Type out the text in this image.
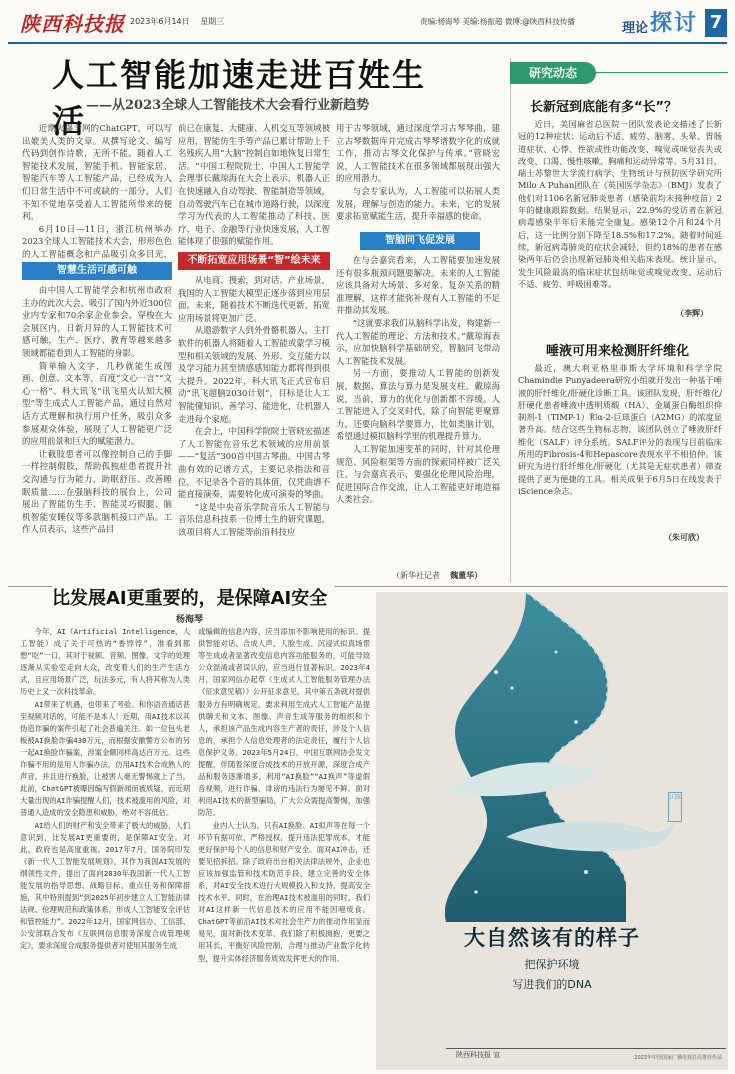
陕西科技报 2023年6月14日 星期三	责编:杨海琴 美编:杨振超 微博:@陕西科技传播	理论 探讨 7
人工智能加速走进百姓生活 ——从2023全球人工智能技术大会看行业新趋势

近期火爆全网的ChatGPT，可以写出媲美人类的文章。从撰写论文、编写代码到创作诗歌，无所不能。随着人工智能技术发展，智能手机、智能家居、智能汽车等人工智能产品，已经成为人们日常生活中不可或缺的一部分，人们不知不觉地享受着人工智能所带来的便利。

6月10日—11日，浙江杭州举办2023全球人工智能技术大会，形形色色的人工智能概念和产品吸引众多目光，

智慧生活可感可触

由中国人工智能学会和杭州市政府主办的此次大会，吸引了国内外近300位业内专家和70余家企业参会。穿梭在大会展区内，日新月异的人工智能技术可感可触，生产、医疗、教育等越来越多领域都能看到人工智能的身影。

简单输入文字，几秒就能生成图画、创意、文本等，百度“文心一言”“文心一格”、科大讯飞“讯飞星火认知大模型”等生成式人工智能产品，通过自然对话方式理解和执行用户任务，吸引众多参展观众体验，展现了人工智能更广泛的应用前景和巨大的赋能潜力。

让截肢患者可以像控制自己的手脚一样控制假肢，帮助孤独症患者提升社交沟通与行为能力，助眠舒压、改善睡眠质量……在强脑科技的展台上，公司展出了智能仿生手、智能灵巧假腿、脑机智能安睡仪等多款脑机接口产品。工作人员表示，这些产品目

前已在康复、大健康、人机交互等领域被应用，智能仿生手等产品已累计帮助上千名残疾人用“大脑”控制自如地恢复日常生活。“中国工程院院士、中国人工智能学会理事长戴琼海在大会上表示，机器人正在快速融入自动驾驶、智能制造等领域，自动驾驶汽车已在城市道路行驶，以深度学习为代表的人工智能推动了科技、医疗、电子、金融等行业快速发展，人工智能体现了很强的赋能作用。

不断拓宽应用场景“智”绘未来

从电商、搜索，到对话、产业场景，我国的人工智能大模型正逐步落到应用层面。未来，随着技术不断迭代更新，拓宽应用场景将更加广泛。

从遨游数字人到外骨骼机器人，主打软件的机器人将随着人工智能或蒙学习模型和相关领域的发展、外形、交互能力以及学习能力甚至情感感知能力都将得到很大提升。2022年，科大讯飞正式宣布启动“讯飞超脑2030计划”，目标是让人工智能懂知识、善学习、能进化，让机器人走进每个家庭。

在会上，中国科学院院士管晓宏描述了人工智能在音乐艺术领域的应用前景——“复活”300首中国古琴曲。中国古琴曲有效的记谱方式，主要记录指法和音位，不记录各个音的具体值，仅凭曲谱不能直接演奏，需要转化成可演奏的琴曲。

“这是中央音乐学院音乐人工智能与音乐信息科技系一位博士生的研究课题，该项目将人工智能等前沿科技应

用于古琴领域，通过深度学习古琴琴曲，建立古琴数据库并完成古琴琴谱数字化的成就工作，推动古琴文化保护与传承。”管晓宏说，人工智能技术在很多领域都展现出强大的应用潜力。

与会专家认为，人工智能可以拓展人类发展，理解与创造的能力。未来，它的发展要求拓宽赋能生活，提升幸福感的使命。

智脑同飞促发展

在与会嘉宾看来，人工智能要加速发展还有很多瓶颈问题要解决。未来的人工智能应该具备对大场景、多对象、复杂关系的精准理解，这样才能弥补现有人工智能的不足并推动其发展。

“这就要求我们从脑科学出发，构建新一代人工智能的理论、方法和技术。”戴琼海表示，应加快脑科学基础研究，智脑同飞带动人工智能技术发展。

另一方面，要推动人工智能的创新发展，数据、算法与算力是发展支柱。戴琼海说，当前，算力的优化与创新都不容缓。人工智能进入了交叉时代，除了向智能更聚算力，还要向脑科学要算力，比如类脑计划，希望通过模拟脑科学里的机理提升算力。

人工智能加速变革的同时，针对其伦理规范、风险框架等方面的探索同样被广泛关注。与会嘉宾表示，要强化伦理风险治理，促进国际合作交流，让人工智能更好地造福人类社会。

（新华社记者 魏董华）
研究动态
长新冠到底能有多“长”？

近日，美国麻省总医院一团队发表论文描述了长新冠的12种症状：运动后不适、疲劳、脑雾、头晕、胃肠道症状、心悸、性欲或性功能改变、嗅觉或味觉丧失或改变、口渴、慢性咳嗽、胸痛和运动异常等。5月31日，瑞士苏黎世大学流行病学、生物统计与预防医学研究所Milo A Puhan团队在《英国医学杂志》（BMJ）发表了他们对1106名新冠肺炎患者（感染前均未接种疫苗）2年的健康跟踪数据。结果显示，22.9%的受访者在新冠病毒感染半年后未能完全康复。感染12个月和24个月后，这一比例分别下降至18.5%和17.2%。随着时间延续，新冠病毒肺炎的症状会减轻，但约18%的患者在感染两年后仍会出现新冠肺炎相关临床表现。统计显示，发生风险最高的临床症状包括味觉或嗅觉改变、运动后不适、疲劳、呼吸困难等。

（李辉）
唾液可用来检测肝纤维化

最近，澳大利亚格里菲斯大学环境和科学学院Chamindie Punyadeera研究小组就开发出一种基于唾液的肝纤维化/肝硬化诊断工具。该团队发现，肝纤维化/肝硬化患者唾液中透明质酸（HA）、金属蛋白酶组织抑制剂-1（TIMP-1）和α-2-巨球蛋白（A2MG）的浓度显著升高。结合这些生物标志物，该团队创立了唾液肝纤维化（SALF）评分系统。SALF评分的表现与目前临床所用的Fibrosis-4和Hepascore表现水平不相伯仲。该研究为进行肝纤维化/肝硬化（尤其是无症状患者）筛查提供了更为便捷的工具。相关成果于6月5日在线发表于iScience杂志。

（朱可欣）
比发展AI更重要的，是保障AI安全
杨海琴

今年，AI（Artificial Intelligence，人工智能）成了关于可热的“香饽饽”，准看到都想“吃”一口，其对于视频、音频、图像、文字的处理逐渐从实验室走向大众，改变着人们的生产生活方式，且应用场景广泛，玩法多元，有人将其称为人类历史上又一次科技革命。

AI带来了机遇，也带来了考验。和你语音通话甚至视频对话的，可能不是本人！近期，用AI技术以其伪造诈骗的案件引起了社会普遍关注。如一位包头老板被AI换脸诈骗430万元，而根据安徽警方公布的另一起AI换脸诈骗案，涉案金额同样高达百万元。这些诈骗不用的是用人诈骗办法，仿用AI技术合成熟人的声音，并且进行换脸，让被害人毫无警惕就上了当。此前，ChatGPT被曝因编写假新闻而被质疑，而近期大量出现的AI诈骗提醒人们，技术被滥用的风险，对普通人造成的安全隐患和威胁，绝对不容低估。

AI给人们的财产和安全带来了极大的威胁，人们意识到，比发展AI更重要的，是保障AI安全。对此，政府也是高度重视。2017年7月，国务院印发《新一代人工智能发展规划》，其作为我国AI发展的纲领性文件，提出了面向2030年我国新一代人工智能发展的指导思想、战略目标、重点任务和保障措施，其中特别提到“到2025年初步建立人工智能法律法规、伦理规范和政策体系，形成人工智能安全评估和管控能力”。2022年12月，国家网信办、工信部、公安部联合发布《互联网信息服务深度合成管理规定》，要求深度合成服务提供者对使用其服务生成

或编辑的信息内容，应当添加不影响使用的标识。提供智能对话、合成人声、人脸生成、沉浸式拟真场景等生成或者显著改变信息内容功能服务的，可能导致公众混淆或者误认的，应当进行显著标识。2023年4月，国家网信办起草《生成式人工智能服务管理办法（征求意见稿）》公开征求意见，其中第五条就对提供服务方有明确规定，要求利用生成式人工智能产品提供聊天和文本、图像、声音生成等服务的组织和个人，承担该产品生成内容生产者的责任，涉及个人信息的，承担个人信息处理者的法定责任，履行个人信息保护义务。2023年5月24日，中国互联网协会发文提醒，伴随着深度合成技术的开放开源，深度合成产品和服务逐渐增多，利用“AI换脸”“AI换声”等虚假音视频，进行诈骗、诽谤的违法行为屡见不鲜。面对利用AI技术的新型骗局，广大公众需提高警惕，加强防范。

业内人士认为，只有AI换脸、AI拟声等在每一个环节有据可依、严格授权，提升违法犯罪成本，才能更好保护每个人的信息和财产安全。面对AI冲击，还要见招拆招。除了政府出台相关法律法规外，企业也应该加强监管和技术防范手段，建立完善的安全体系，对AI安全技术进行大规模投入和支持，提高安全技术水平。同时，在治理AI技术被滥用的同时，我们对AI这样新一代信息技术的应用不能因噎废食。ChatGPT等前沿AI技术对社会生产力的推动作用显而易见，面对新技术变革，我们除了积极拥抱，更要之用其长，平衡好风险控制，合理与推动产业数字化转型，提升实体经济服务质效发挥更大的作用。

江豚
大自然该有的样子
把保护环境
写进我们的DNA
陕西科技报 宣	2023年中国国家广播电视总局推荐作品
